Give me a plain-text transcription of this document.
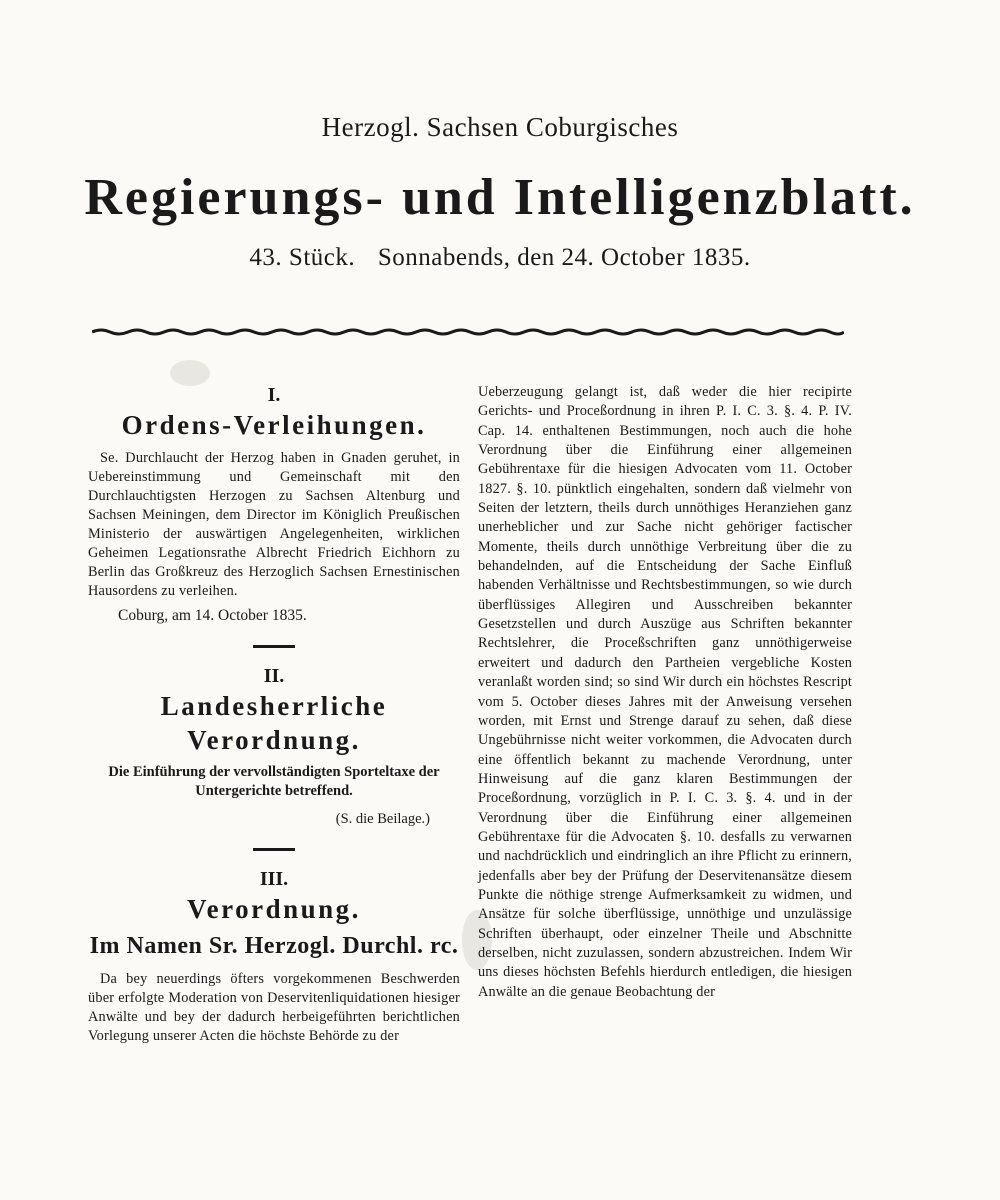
Herzogl. Sachsen Coburgisches

Regierungs- und Intelligenzblatt.

43. Stück. Sonnabends, den 24. October 1835.

I.

Ordens-Verleihungen.

Se. Durchlaucht der Herzog haben in Gnaden geruhet, in Uebereinstimmung und Gemeinschaft mit den Durchlauchtigsten Herzogen zu Sachsen Altenburg und Sachsen Meiningen, dem Director im Königlich Preußischen Ministerio der auswärtigen Angelegenheiten, wirklichen Geheimen Legationsrathe Albrecht Friedrich Eichhorn zu Berlin das Großkreuz des Herzoglich Sachsen Ernestinischen Hausordens zu verleihen.

Coburg, am 14. October 1835.

II.

Landesherrliche Verordnung.

Die Einführung der vervollständigten Sporteltaxe der Untergerichte betreffend.

(S. die Beilage.)

III.

Verordnung.

Im Namen Sr. Herzogl. Durchl. rc.

Da bey neuerdings öfters vorgekommenen Beschwerden über erfolgte Moderation von Deservitenliquidationen hiesiger Anwälte und bey der dadurch herbeigeführten berichtlichen Vorlegung unserer Acten die höchste Behörde zu der

Ueberzeugung gelangt ist, daß weder die hier recipirte Gerichts- und Proceßordnung in ihren P. I. C. 3. §. 4. P. IV. Cap. 14. enthaltenen Bestimmungen, noch auch die hohe Verordnung über die Einführung einer allgemeinen Gebührentaxe für die hiesigen Advocaten vom 11. October 1827. §. 10. pünktlich eingehalten, sondern daß vielmehr von Seiten der letztern, theils durch unnöthiges Heranziehen ganz unerheblicher und zur Sache nicht gehöriger factischer Momente, theils durch unnöthige Verbreitung über die zu behandelnden, auf die Entscheidung der Sache Einfluß habenden Verhältnisse und Rechtsbestimmungen, so wie durch überflüssiges Allegiren und Ausschreiben bekannter Gesetzstellen und durch Auszüge aus Schriften bekannter Rechtslehrer, die Proceßschriften ganz unnöthigerweise erweitert und dadurch den Partheien vergebliche Kosten veranlaßt worden sind; so sind Wir durch ein höchstes Rescript vom 5. October dieses Jahres mit der Anweisung versehen worden, mit Ernst und Strenge darauf zu sehen, daß diese Ungebührnisse nicht weiter vorkommen, die Advocaten durch eine öffentlich bekannt zu machende Verordnung, unter Hinweisung auf die ganz klaren Bestimmungen der Proceßordnung, vorzüglich in P. I. C. 3. §. 4. und in der Verordnung über die Einführung einer allgemeinen Gebührentaxe für die Advocaten §. 10. desfalls zu verwarnen und nachdrücklich und eindringlich an ihre Pflicht zu erinnern, jedenfalls aber bey der Prüfung der Deservitenansätze diesem Punkte die nöthige strenge Aufmerksamkeit zu widmen, und Ansätze für solche überflüssige, unnöthige und unzulässige Schriften überhaupt, oder einzelner Theile und Abschnitte derselben, nicht zuzulassen, sondern abzustreichen. Indem Wir uns dieses höchsten Befehls hierdurch entledigen, die hiesigen Anwälte an die genaue Beobachtung der
